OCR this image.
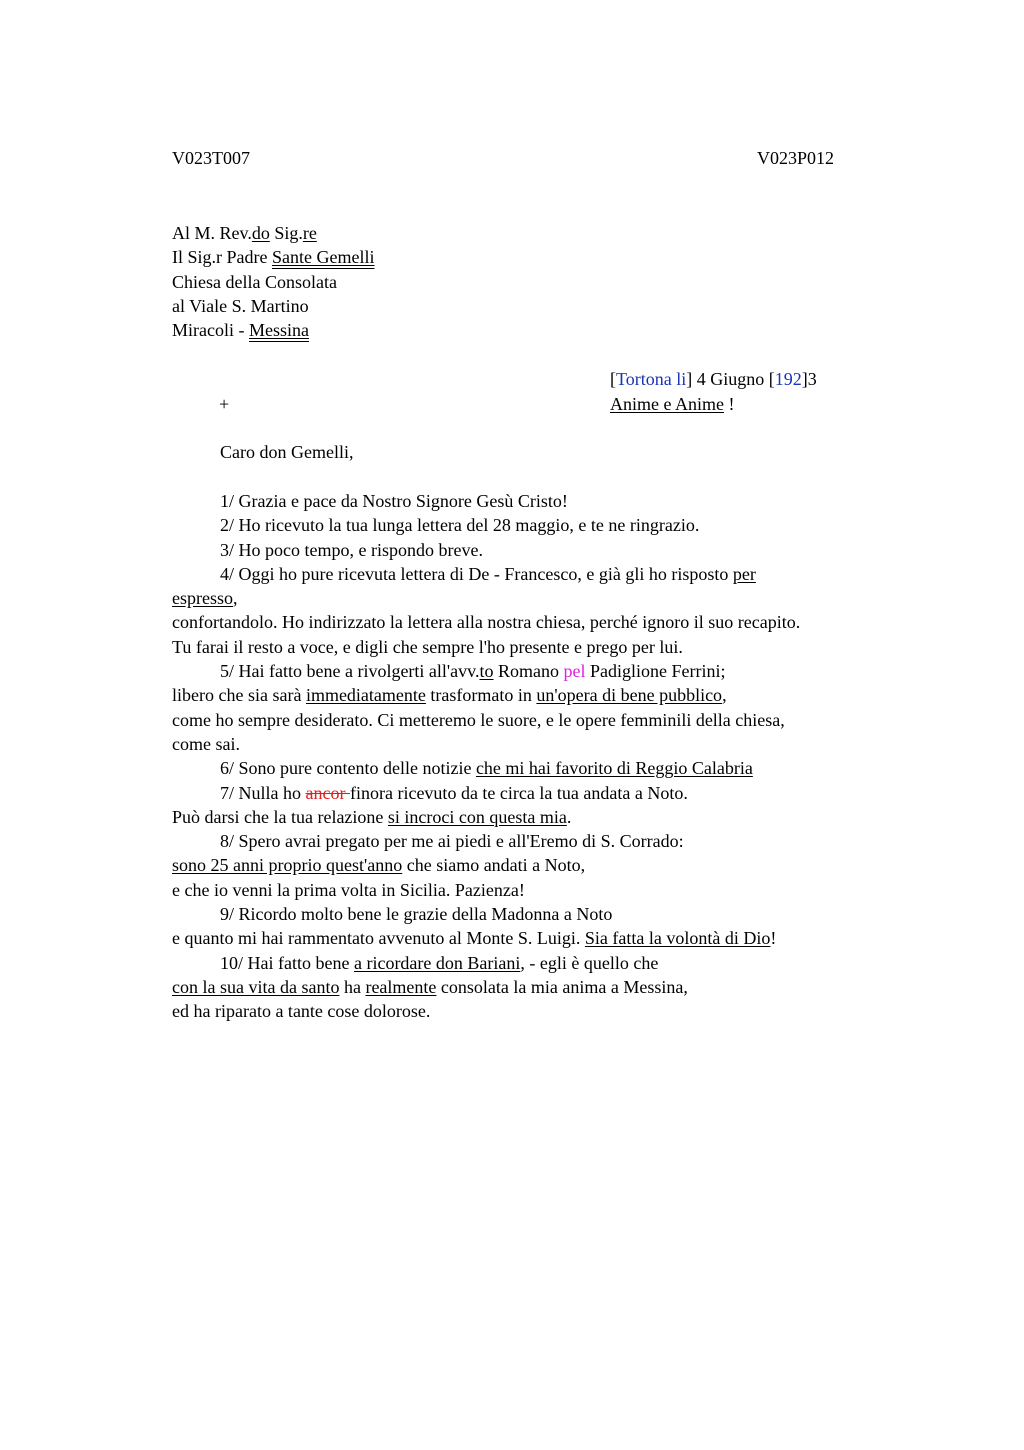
V023T007	V023P012
Al M. Rev.do Sig.re
Il Sig.r Padre Sante Gemelli
Chiesa della Consolata
al Viale S. Martino
Miracoli - Messina
[Tortona li] 4 Giugno [192]3
Anime e Anime !
+
Caro don Gemelli,
1/ Grazia e pace da Nostro Signore Gesù Cristo!
2/ Ho ricevuto la tua lunga lettera del 28 maggio, e te ne ringrazio.
3/ Ho poco tempo, e rispondo breve.
4/ Oggi ho pure ricevuta lettera di De - Francesco, e già gli ho risposto per
espresso,
confortandolo. Ho indirizzato la lettera alla nostra chiesa, perché ignoro il suo recapito.
Tu farai il resto a voce, e digli che sempre l'ho presente e prego per lui.
5/ Hai fatto bene a rivolgerti all'avv.to Romano pel Padiglione Ferrini;
libero che sia sarà immediatamente trasformato in un'opera di bene pubblico,
come ho sempre desiderato. Ci metteremo le suore, e le opere femminili della chiesa,
come sai.
6/ Sono pure contento delle notizie che mi hai favorito di Reggio Calabria
7/ Nulla ho ancor finora ricevuto da te circa la tua andata a Noto.
Può darsi che la tua relazione si incroci con questa mia.
8/ Spero avrai pregato per me ai piedi e all'Eremo di S. Corrado:
sono 25 anni proprio quest'anno che siamo andati a Noto,
e che io venni la prima volta in Sicilia. Pazienza!
9/ Ricordo molto bene le grazie della Madonna a Noto
e quanto mi hai rammentato avvenuto al Monte S. Luigi. Sia fatta la volontà di Dio!
10/ Hai fatto bene a ricordare don Bariani, - egli è quello che
con la sua vita da santo ha realmente consolata la mia anima a Messina,
ed ha riparato a tante cose dolorose.
